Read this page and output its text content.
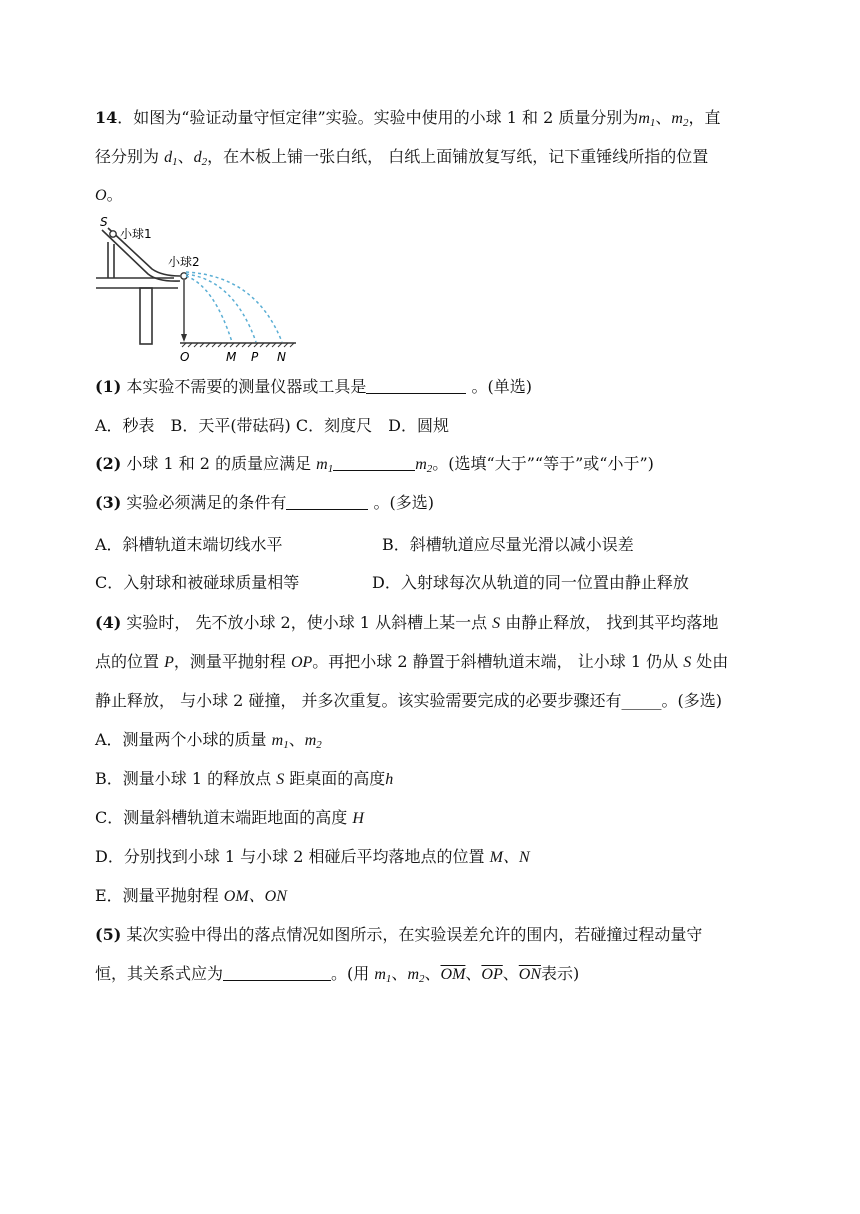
14．如图为“验证动量守恒定律”实验。实验中使用的小球 1 和 2 质量分别为$m_1$、$m_2$，直
径分别为 $d_1$、$d_2$，在木板上铺一张白纸， 白纸上面铺放复写纸，记下重锤线所指的位置
O。
S
小球1
小球2
O	M P N
(1) 本实验不需要的测量仪器或工具是	。(单选)
A．秒表　B．天平(带砝码) C．刻度尺　D．圆规
(2) 小球 1 和 2 的质量应满足 $m_1$	$m_2$。(选填“大于”“等于”或“小于”)
(3) 实验必须满足的条件有	。(多选)
A．斜槽轨道末端切线水平	B．斜槽轨道应尽量光滑以减小误差
C．入射球和被碰球质量相等	D．入射球每次从轨道的同一位置由静止释放
(4) 实验时， 先不放小球 2，使小球 1 从斜槽上某一点 S 由静止释放， 找到其平均落地
点的位置 P，测量平抛射程 OP。再把小球 2 静置于斜槽轨道末端， 让小球 1 仍从 S 处由
静止释放， 与小球 2 碰撞， 并多次重复。该实验需要完成的必要步骤还有_____。(多选)
A．测量两个小球的质量 $m_1$、$m_2$
B．测量小球 1 的释放点 S 距桌面的高度h
C．测量斜槽轨道末端距地面的高度 H
D．分别找到小球 1 与小球 2 相碰后平均落地点的位置 M、N
E．测量平抛射程 OM、ON
(5) 某次实验中得出的落点情况如图所示，在实验误差允许的围内，若碰撞过程动量守
恒，其关系式应为	。(用 $m_1$、$m_2$、$\overline{OM}$、$\overline{OP}$、$\overline{ON}$表示)
